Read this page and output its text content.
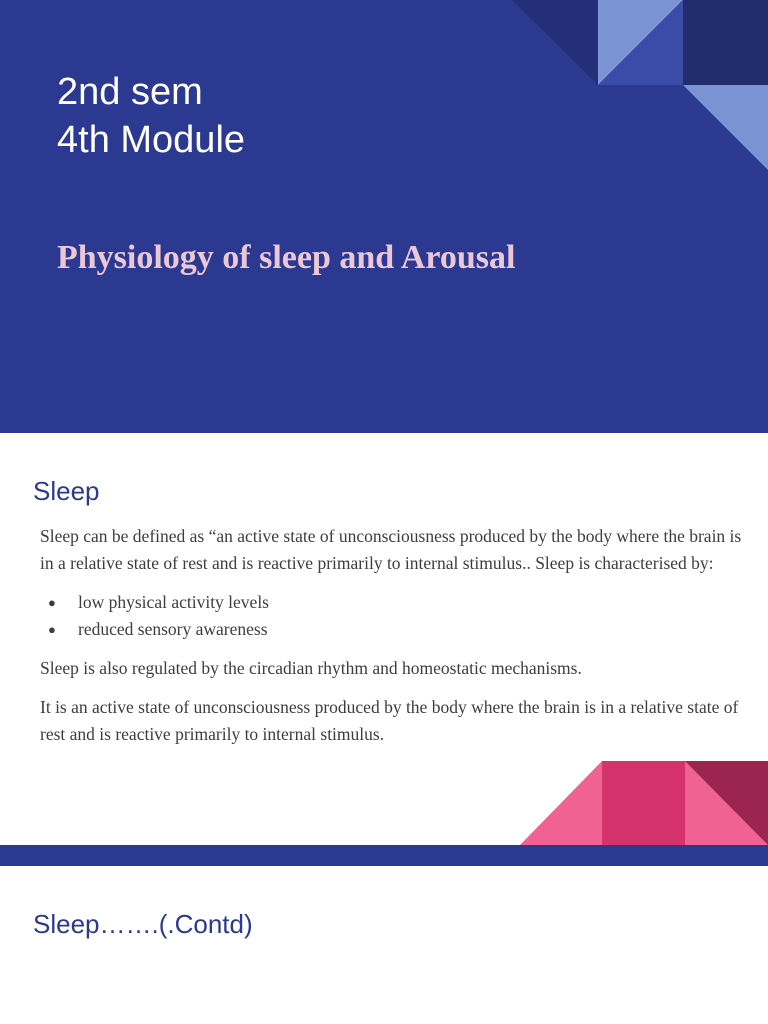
2nd sem
4th Module
Physiology of sleep and Arousal
Sleep

Sleep can be defined as “an active state of unconsciousness produced by the body where the brain is in a relative state of rest and is reactive primarily to internal stimulus.. Sleep is characterised by:

● low physical activity levels
● reduced sensory awareness

Sleep is also regulated by the circadian rhythm and homeostatic mechanisms.

It is an active state of unconsciousness produced by the body where the brain is in a relative state of rest and is reactive primarily to internal stimulus.

Sleep…….(.Contd)
